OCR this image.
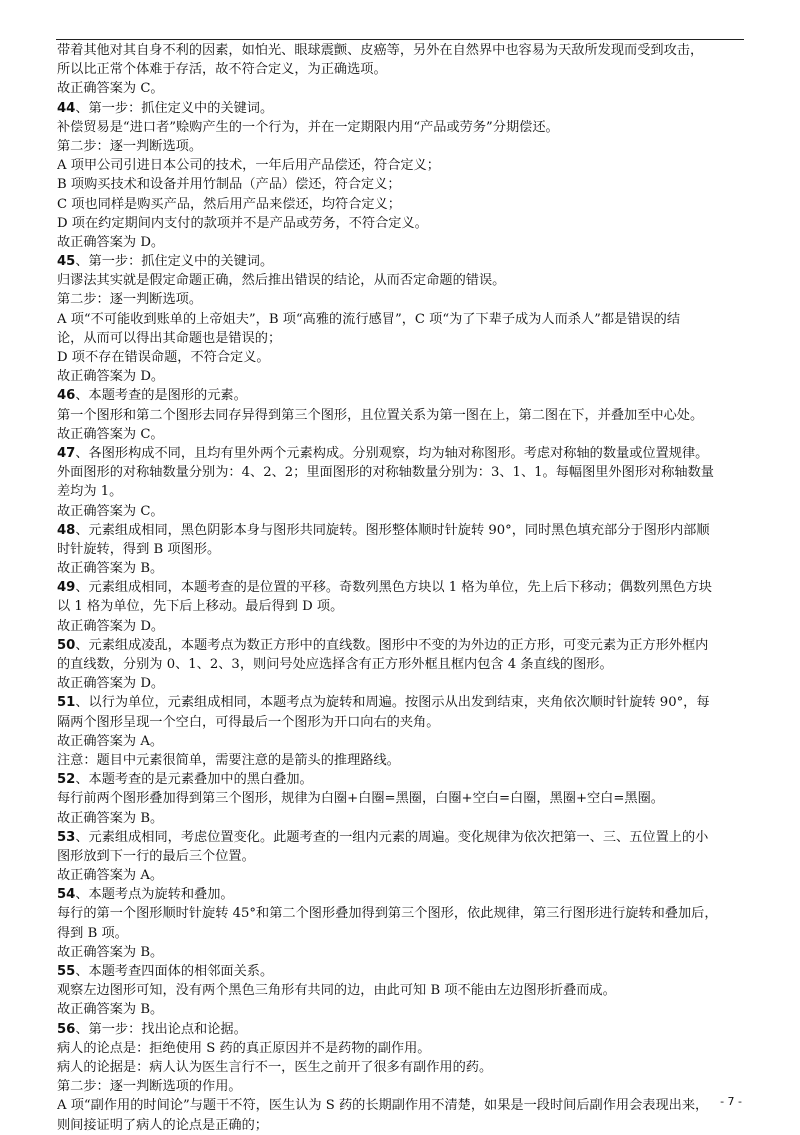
带着其他对其自身不利的因素，如怕光、眼球震颤、皮癌等，另外在自然界中也容易为天敌所发现而受到攻击，
所以比正常个体难于存活，故不符合定义，为正确选项。
故正确答案为 C。
44、第一步：抓住定义中的关键词。
补偿贸易是“进口者”赊购产生的一个行为，并在一定期限内用“产品或劳务”分期偿还。
第二步：逐一判断选项。
A 项甲公司引进日本公司的技术，一年后用产品偿还，符合定义；
B 项购买技术和设备并用竹制品（产品）偿还，符合定义；
C 项也同样是购买产品，然后用产品来偿还，均符合定义；
D 项在约定期间内支付的款项并不是产品或劳务，不符合定义。
故正确答案为 D。
45、第一步：抓住定义中的关键词。
归谬法其实就是假定命题正确，然后推出错误的结论，从而否定命题的错误。
第二步：逐一判断选项。
A 项“不可能收到账单的上帝姐夫”，B 项“高雅的流行感冒”，C 项“为了下辈子成为人而杀人”都是错误的结
论，从而可以得出其命题也是错误的；
D 项不存在错误命题，不符合定义。
故正确答案为 D。
46、本题考查的是图形的元素。
第一个图形和第二个图形去同存异得到第三个图形，且位置关系为第一图在上，第二图在下，并叠加至中心处。
故正确答案为 C。
47、各图形构成不同，且均有里外两个元素构成。分别观察，均为轴对称图形。考虑对称轴的数量或位置规律。
外面图形的对称轴数量分别为：4、2、2；里面图形的对称轴数量分别为：3、1、1。每幅图里外图形对称轴数量
差均为 1。
故正确答案为 C。
48、元素组成相同，黑色阴影本身与图形共同旋转。图形整体顺时针旋转 90°，同时黑色填充部分于图形内部顺
时针旋转，得到 B 项图形。
故正确答案为 B。
49、元素组成相同，本题考查的是位置的平移。奇数列黑色方块以 1 格为单位，先上后下移动；偶数列黑色方块
以 1 格为单位，先下后上移动。最后得到 D 项。
故正确答案为 D。
50、元素组成凌乱，本题考点为数正方形中的直线数。图形中不变的为外边的正方形，可变元素为正方形外框内
的直线数，分别为 0、1、2、3，则问号处应选择含有正方形外框且框内包含 4 条直线的图形。
故正确答案为 D。
51、以行为单位，元素组成相同，本题考点为旋转和周遍。按图示从出发到结束，夹角依次顺时针旋转 90°，每
隔两个图形呈现一个空白，可得最后一个图形为开口向右的夹角。
故正确答案为 A。
注意：题目中元素很简单，需要注意的是箭头的推理路线。
52、本题考查的是元素叠加中的黑白叠加。
每行前两个图形叠加得到第三个图形，规律为白圈+白圈=黑圈，白圈+空白=白圈，黑圈+空白=黑圈。
故正确答案为 B。
53、元素组成相同，考虑位置变化。此题考查的一组内元素的周遍。变化规律为依次把第一、三、五位置上的小
图形放到下一行的最后三个位置。
故正确答案为 A。
54、本题考点为旋转和叠加。
每行的第一个图形顺时针旋转 45°和第二个图形叠加得到第三个图形，依此规律，第三行图形进行旋转和叠加后，
得到 B 项。
故正确答案为 B。
55、本题考查四面体的相邻面关系。
观察左边图形可知，没有两个黑色三角形有共同的边，由此可知 B 项不能由左边图形折叠而成。
故正确答案为 B。
56、第一步：找出论点和论据。
病人的论点是：拒绝使用 S 药的真正原因并不是药物的副作用。
病人的论据是：病人认为医生言行不一，医生之前开了很多有副作用的药。
第二步：逐一判断选项的作用。
A 项“副作用的时间论”与题干不符，医生认为 S 药的长期副作用不清楚，如果是一段时间后副作用会表现出来，
则间接证明了病人的论点是正确的；
- 7 -
